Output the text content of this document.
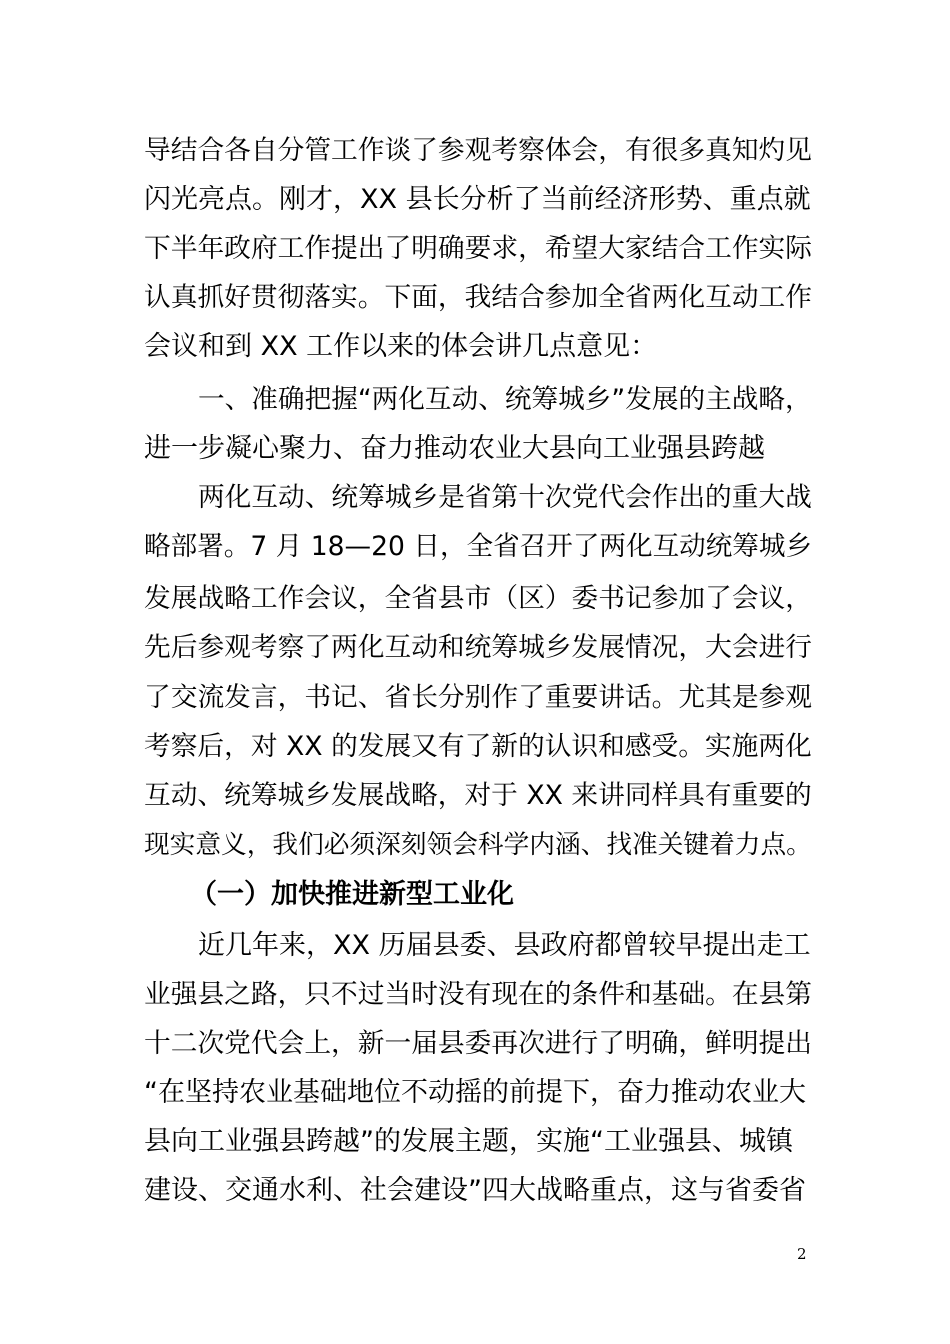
导结合各自分管工作谈了参观考察体会，有很多真知灼见
闪光亮点。刚才，XX 县长分析了当前经济形势、重点就
下半年政府工作提出了明确要求，希望大家结合工作实际
认真抓好贯彻落实。下面，我结合参加全省两化互动工作
会议和到 XX 工作以来的体会讲几点意见：
一、准确把握“两化互动、统筹城乡”发展的主战略，
进一步凝心聚力、奋力推动农业大县向工业强县跨越
两化互动、统筹城乡是省第十次党代会作出的重大战
略部署。7 月 18—20 日，全省召开了两化互动统筹城乡
发展战略工作会议，全省县市（区）委书记参加了会议，
先后参观考察了两化互动和统筹城乡发展情况，大会进行
了交流发言，书记、省长分别作了重要讲话。尤其是参观
考察后，对 XX 的发展又有了新的认识和感受。实施两化
互动、统筹城乡发展战略，对于 XX 来讲同样具有重要的
现实意义，我们必须深刻领会科学内涵、找准关键着力点。
（一）加快推进新型工业化
近几年来，XX 历届县委、县政府都曾较早提出走工
业强县之路，只不过当时没有现在的条件和基础。在县第
十二次党代会上，新一届县委再次进行了明确，鲜明提出
“在坚持农业基础地位不动摇的前提下，奋力推动农业大
县向工业强县跨越”的发展主题，实施“工业强县、城镇
建设、交通水利、社会建设”四大战略重点，这与省委省
2
